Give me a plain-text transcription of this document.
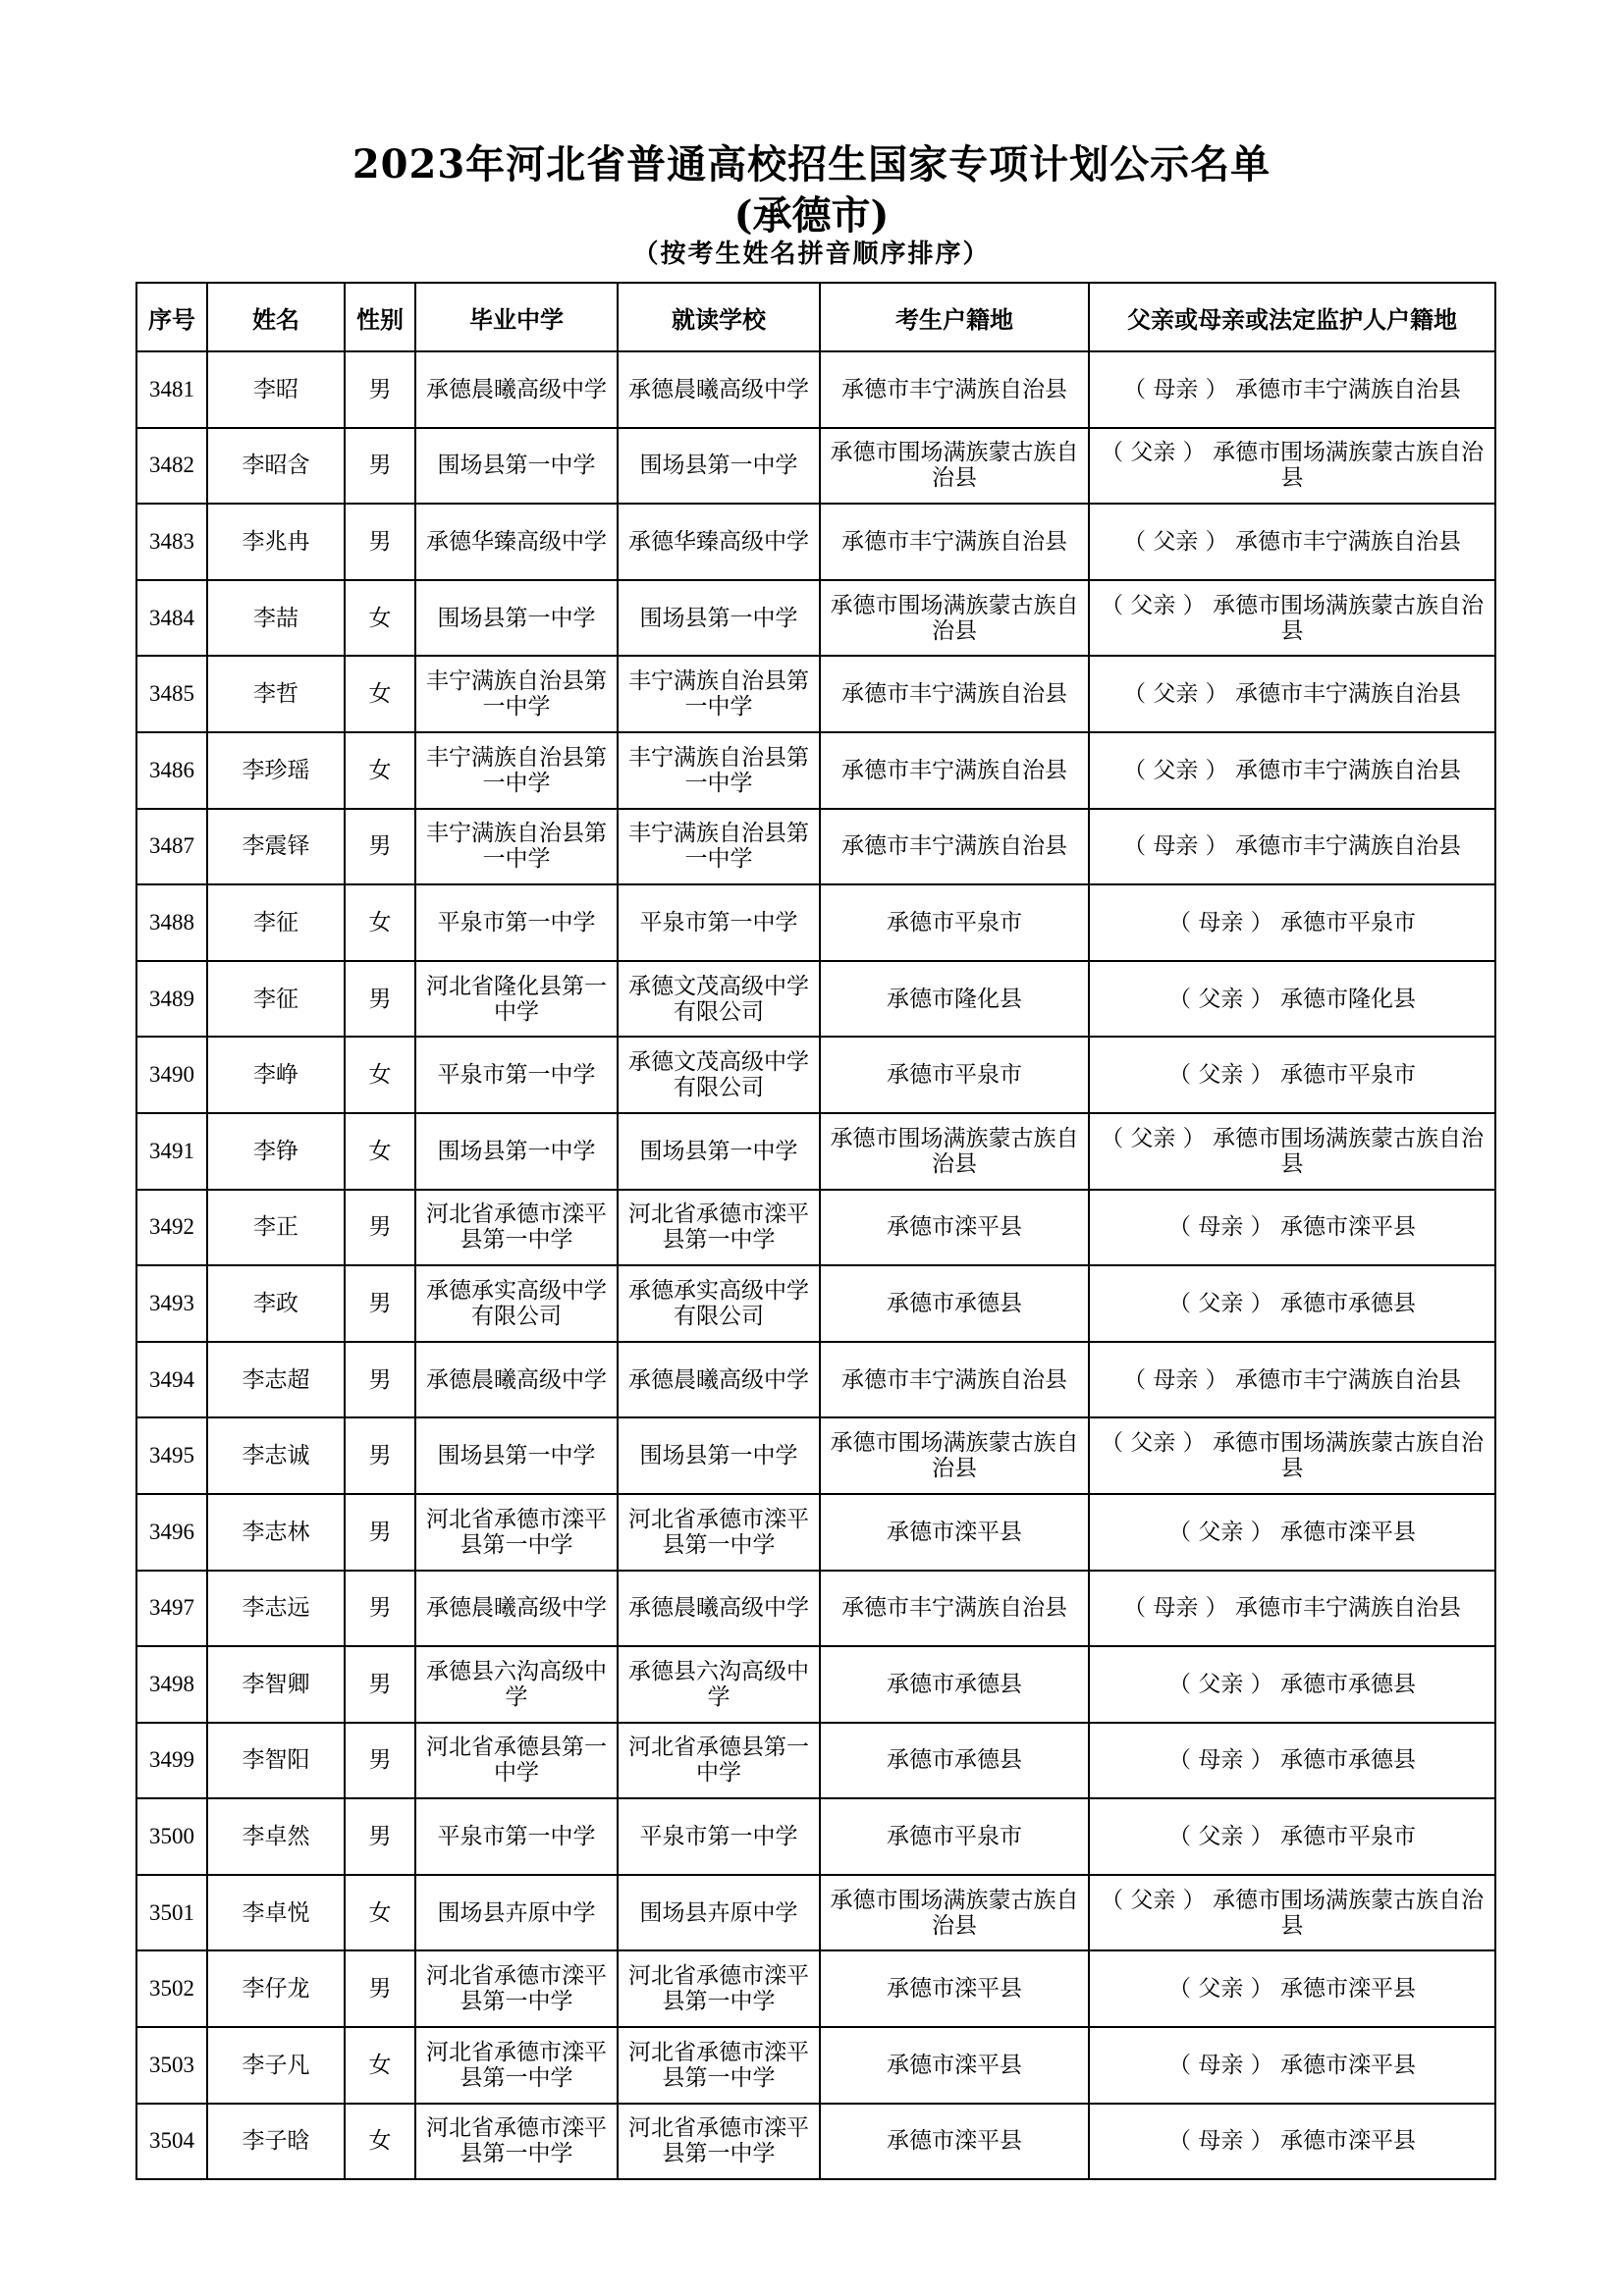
2023年河北省普通高校招生国家专项计划公示名单
(承德市)
（按考生姓名拼音顺序排序）
序号	姓名	性别	毕业中学	就读学校	考生户籍地	父亲或母亲或法定监护人户籍地
3481	李昭	男	承德晨曦高级中学	承德晨曦高级中学	承德市丰宁满族自治县	（ 母亲 ） 承德市丰宁满族自治县
3482	李昭含	男	围场县第一中学	围场县第一中学	承德市围场满族蒙古族自治县	（ 父亲 ） 承德市围场满族蒙古族自治县
3483	李兆冉	男	承德华臻高级中学	承德华臻高级中学	承德市丰宁满族自治县	（ 父亲 ） 承德市丰宁满族自治县
3484	李喆	女	围场县第一中学	围场县第一中学	承德市围场满族蒙古族自治县	（ 父亲 ） 承德市围场满族蒙古族自治县
3485	李哲	女	丰宁满族自治县第一中学	丰宁满族自治县第一中学	承德市丰宁满族自治县	（ 父亲 ） 承德市丰宁满族自治县
3486	李珍瑶	女	丰宁满族自治县第一中学	丰宁满族自治县第一中学	承德市丰宁满族自治县	（ 父亲 ） 承德市丰宁满族自治县
3487	李震铎	男	丰宁满族自治县第一中学	丰宁满族自治县第一中学	承德市丰宁满族自治县	（ 母亲 ） 承德市丰宁满族自治县
3488	李征	女	平泉市第一中学	平泉市第一中学	承德市平泉市	（ 母亲 ） 承德市平泉市
3489	李征	男	河北省隆化县第一中学	承德文茂高级中学有限公司	承德市隆化县	（ 父亲 ） 承德市隆化县
3490	李峥	女	平泉市第一中学	承德文茂高级中学有限公司	承德市平泉市	（ 父亲 ） 承德市平泉市
3491	李铮	女	围场县第一中学	围场县第一中学	承德市围场满族蒙古族自治县	（ 父亲 ） 承德市围场满族蒙古族自治县
3492	李正	男	河北省承德市滦平县第一中学	河北省承德市滦平县第一中学	承德市滦平县	（ 母亲 ） 承德市滦平县
3493	李政	男	承德承实高级中学有限公司	承德承实高级中学有限公司	承德市承德县	（ 父亲 ） 承德市承德县
3494	李志超	男	承德晨曦高级中学	承德晨曦高级中学	承德市丰宁满族自治县	（ 母亲 ） 承德市丰宁满族自治县
3495	李志诚	男	围场县第一中学	围场县第一中学	承德市围场满族蒙古族自治县	（ 父亲 ） 承德市围场满族蒙古族自治县
3496	李志林	男	河北省承德市滦平县第一中学	河北省承德市滦平县第一中学	承德市滦平县	（ 父亲 ） 承德市滦平县
3497	李志远	男	承德晨曦高级中学	承德晨曦高级中学	承德市丰宁满族自治县	（ 母亲 ） 承德市丰宁满族自治县
3498	李智卿	男	承德县六沟高级中学	承德县六沟高级中学	承德市承德县	（ 父亲 ） 承德市承德县
3499	李智阳	男	河北省承德县第一中学	河北省承德县第一中学	承德市承德县	（ 母亲 ） 承德市承德县
3500	李卓然	男	平泉市第一中学	平泉市第一中学	承德市平泉市	（ 父亲 ） 承德市平泉市
3501	李卓悦	女	围场县卉原中学	围场县卉原中学	承德市围场满族蒙古族自治县	（ 父亲 ） 承德市围场满族蒙古族自治县
3502	李仔龙	男	河北省承德市滦平县第一中学	河北省承德市滦平县第一中学	承德市滦平县	（ 父亲 ） 承德市滦平县
3503	李子凡	女	河北省承德市滦平县第一中学	河北省承德市滦平县第一中学	承德市滦平县	（ 母亲 ） 承德市滦平县
3504	李子晗	女	河北省承德市滦平县第一中学	河北省承德市滦平县第一中学	承德市滦平县	（ 母亲 ） 承德市滦平县
